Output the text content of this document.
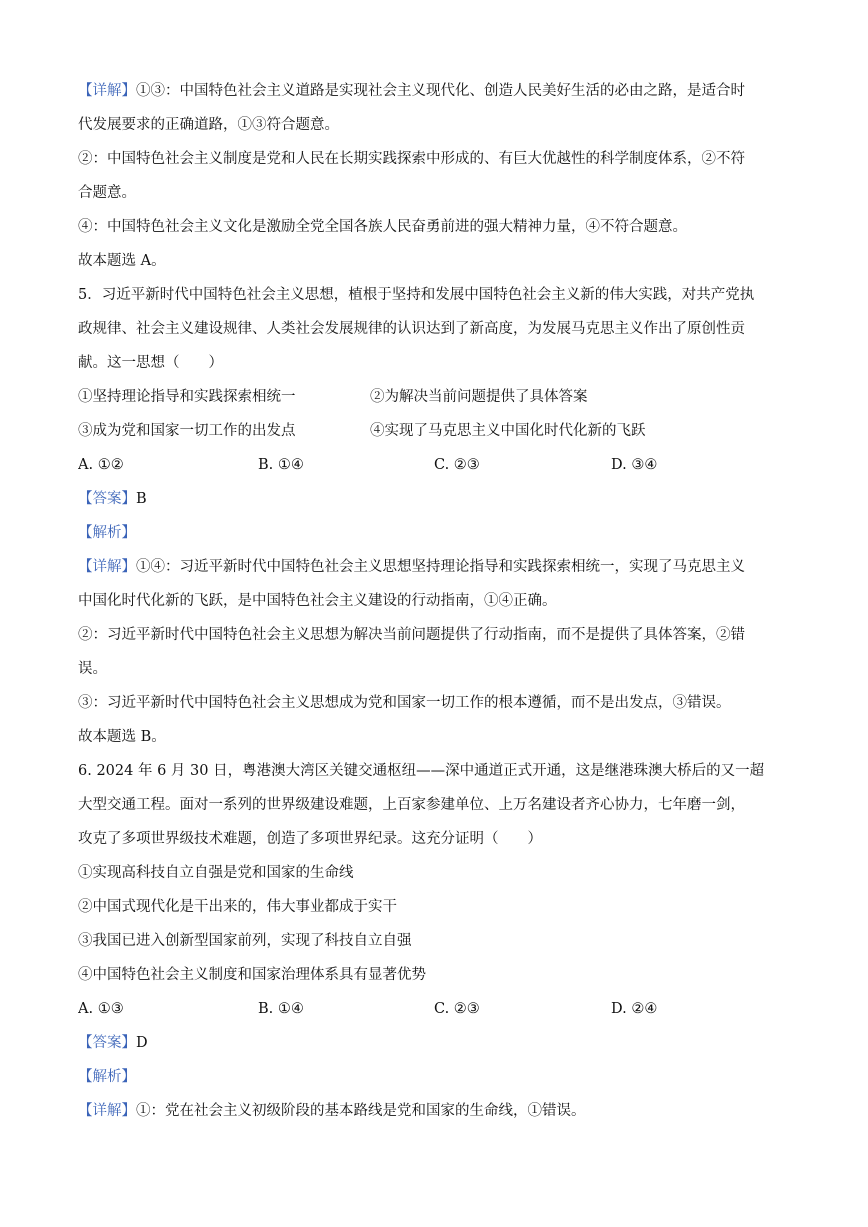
【详解】①③：中国特色社会主义道路是实现社会主义现代化、创造人民美好生活的必由之路，是适合时
代发展要求的正确道路，①③符合题意。
②：中国特色社会主义制度是党和人民在长期实践探索中形成的、有巨大优越性的科学制度体系，②不符
合题意。
④：中国特色社会主义文化是激励全党全国各族人民奋勇前进的强大精神力量，④不符合题意。
故本题选 A。
5．习近平新时代中国特色社会主义思想，植根于坚持和发展中国特色社会主义新的伟大实践，对共产党执
政规律、社会主义建设规律、人类社会发展规律的认识达到了新高度，为发展马克思主义作出了原创性贡
献。这一思想（　　）
①坚持理论指导和实践探索相统一	②为解决当前问题提供了具体答案
③成为党和国家一切工作的出发点	④实现了马克思主义中国化时代化新的飞跃
A. ①②	B. ①④	C. ②③	D. ③④
【答案】B
【解析】
【详解】①④：习近平新时代中国特色社会主义思想坚持理论指导和实践探索相统一，实现了马克思主义
中国化时代化新的飞跃，是中国特色社会主义建设的行动指南，①④正确。
②：习近平新时代中国特色社会主义思想为解决当前问题提供了行动指南，而不是提供了具体答案，②错
误。
③：习近平新时代中国特色社会主义思想成为党和国家一切工作的根本遵循，而不是出发点，③错误。
故本题选 B。
6. 2024 年 6 月 30 日，粤港澳大湾区关键交通枢纽——深中通道正式开通，这是继港珠澳大桥后的又一超
大型交通工程。面对一系列的世界级建设难题，上百家参建单位、上万名建设者齐心协力，七年磨一剑，
攻克了多项世界级技术难题，创造了多项世界纪录。这充分证明（　　）
①实现高科技自立自强是党和国家的生命线
②中国式现代化是干出来的，伟大事业都成于实干
③我国已进入创新型国家前列，实现了科技自立自强
④中国特色社会主义制度和国家治理体系具有显著优势
A. ①③	B. ①④	C. ②③	D. ②④
【答案】D
【解析】
【详解】①：党在社会主义初级阶段的基本路线是党和国家的生命线，①错误。
